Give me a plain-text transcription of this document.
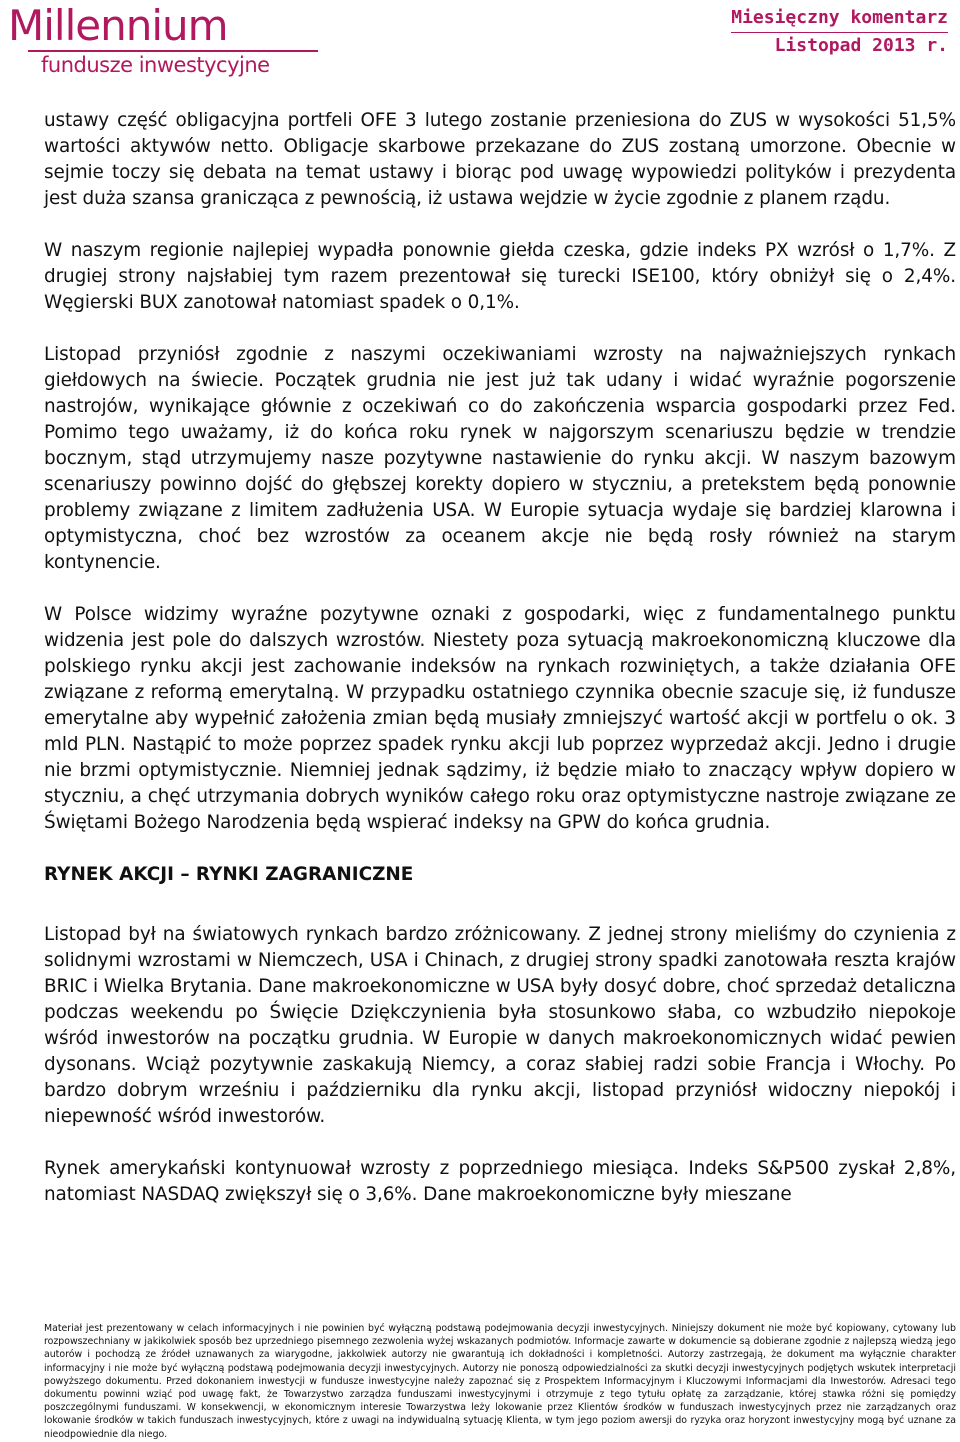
Millennium
fundusze inwestycyjne
Miesięczny komentarz
Listopad 2013 r.

ustawy część obligacyjna portfeli OFE 3 lutego zostanie przeniesiona do ZUS w wysokości 51,5% wartości aktywów netto. Obligacje skarbowe przekazane do ZUS zostaną umorzone. Obecnie w sejmie toczy się debata na temat ustawy i biorąc pod uwagę wypowiedzi polityków i prezydenta jest duża szansa granicząca z pewnością, iż ustawa wejdzie w życie zgodnie z planem rządu.

W naszym regionie najlepiej wypadła ponownie giełda czeska, gdzie indeks PX wzrósł o 1,7%. Z drugiej strony najsłabiej tym razem prezentował się turecki ISE100, który obniżył się o 2,4%. Węgierski BUX zanotował natomiast spadek o 0,1%.

Listopad przyniósł zgodnie z naszymi oczekiwaniami wzrosty na najważniejszych rynkach giełdowych na świecie. Początek grudnia nie jest już tak udany i widać wyraźnie pogorszenie nastrojów, wynikające głównie z oczekiwań co do zakończenia wsparcia gospodarki przez Fed. Pomimo tego uważamy, iż do końca roku rynek w najgorszym scenariuszu będzie w trendzie bocznym, stąd utrzymujemy nasze pozytywne nastawienie do rynku akcji. W naszym bazowym scenariuszy powinno dojść do głębszej korekty dopiero w styczniu, a pretekstem będą ponownie problemy związane z limitem zadłużenia USA. W Europie sytuacja wydaje się bardziej klarowna i optymistyczna, choć bez wzrostów za oceanem akcje nie będą rosły również na starym kontynencie.

W Polsce widzimy wyraźne pozytywne oznaki z gospodarki, więc z fundamentalnego punktu widzenia jest pole do dalszych wzrostów. Niestety poza sytuacją makroekonomiczną kluczowe dla polskiego rynku akcji jest zachowanie indeksów na rynkach rozwiniętych, a także działania OFE związane z reformą emerytalną. W przypadku ostatniego czynnika obecnie szacuje się, iż fundusze emerytalne aby wypełnić założenia zmian będą musiały zmniejszyć wartość akcji w portfelu o ok. 3 mld PLN. Nastąpić to może poprzez spadek rynku akcji lub poprzez wyprzedaż akcji. Jedno i drugie nie brzmi optymistycznie. Niemniej jednak sądzimy, iż będzie miało to znaczący wpływ dopiero w styczniu, a chęć utrzymania dobrych wyników całego roku oraz optymistyczne nastroje związane ze Świętami Bożego Narodzenia będą wspierać indeksy na GPW do końca grudnia.

RYNEK AKCJI – RYNKI ZAGRANICZNE

Listopad był na światowych rynkach bardzo zróżnicowany. Z jednej strony mieliśmy do czynienia z solidnymi wzrostami w Niemczech, USA i Chinach, z drugiej strony spadki zanotowała reszta krajów BRIC i Wielka Brytania. Dane makroekonomiczne w USA były dosyć dobre, choć sprzedaż detaliczna podczas weekendu po Święcie Dziękczynienia była stosunkowo słaba, co wzbudziło niepokoje wśród inwestorów na początku grudnia. W Europie w danych makroekonomicznych widać pewien dysonans. Wciąż pozytywnie zaskakują Niemcy, a coraz słabiej radzi sobie Francja i Włochy. Po bardzo dobrym wrześniu i październiku dla rynku akcji, listopad przyniósł widoczny niepokój i niepewność wśród inwestorów.

Rynek amerykański kontynuował wzrosty z poprzedniego miesiąca. Indeks S&P500 zyskał 2,8%, natomiast NASDAQ zwiększył się o 3,6%. Dane makroekonomiczne były mieszane

Materiał jest prezentowany w celach informacyjnych i nie powinien być wyłączną podstawą podejmowania decyzji inwestycyjnych. Niniejszy dokument nie może być kopiowany, cytowany lub rozpowszechniany w jakikolwiek sposób bez uprzedniego pisemnego zezwolenia wyżej wskazanych podmiotów. Informacje zawarte w dokumencie są dobierane zgodnie z najlepszą wiedzą jego autorów i pochodzą ze źródeł uznawanych za wiarygodne, jakkolwiek autorzy nie gwarantują ich dokładności i kompletności. Autorzy zastrzegają, że dokument ma wyłącznie charakter informacyjny i nie może być wyłączną podstawą podejmowania decyzji inwestycyjnych. Autorzy nie ponoszą odpowiedzialności za skutki decyzji inwestycyjnych podjętych wskutek interpretacji powyższego dokumentu. Przed dokonaniem inwestycji w fundusze inwestycyjne należy zapoznać się z Prospektem Informacyjnym i Kluczowymi Informacjami dla Inwestorów. Adresaci tego dokumentu powinni wziąć pod uwagę fakt, że Towarzystwo zarządza funduszami inwestycyjnymi i otrzymuje z tego tytułu opłatę za zarządzanie, której stawka różni się pomiędzy poszczególnymi funduszami. W konsekwencji, w ekonomicznym interesie Towarzystwa leży lokowanie przez Klientów środków w funduszach inwestycyjnych przez nie zarządzanych oraz lokowanie środków w takich funduszach inwestycyjnych, które z uwagi na indywidualną sytuację Klienta, w tym jego poziom awersji do ryzyka oraz horyzont inwestycyjny mogą być uznane za nieodpowiednie dla niego.
